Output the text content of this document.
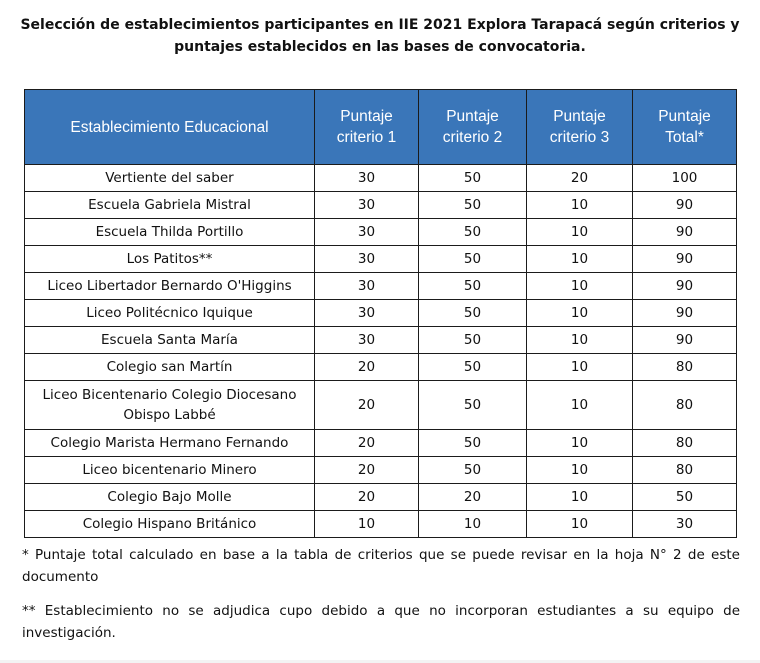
Selección de establecimientos participantes en IIE 2021 Explora Tarapacá según criterios y puntajes establecidos en las bases de convocatoria.
Establecimiento Educacional	Puntaje criterio 1	Puntaje criterio 2	Puntaje criterio 3	Puntaje Total*
Vertiente del saber	30	50	20	100
Escuela Gabriela Mistral	30	50	10	90
Escuela Thilda Portillo	30	50	10	90
Los Patitos**	30	50	10	90
Liceo Libertador Bernardo O'Higgins	30	50	10	90
Liceo Politécnico Iquique	30	50	10	90
Escuela Santa María	30	50	10	90
Colegio san Martín	20	50	10	80
Liceo Bicentenario Colegio Diocesano Obispo Labbé	20	50	10	80
Colegio Marista Hermano Fernando	20	50	10	80
Liceo bicentenario Minero	20	50	10	80
Colegio Bajo Molle	20	20	10	50
Colegio Hispano Británico	10	10	10	30

* Puntaje total calculado en base a la tabla de criterios que se puede revisar en la hoja N° 2 de este documento

** Establecimiento no se adjudica cupo debido a que no incorporan estudiantes a su equipo de investigación.
